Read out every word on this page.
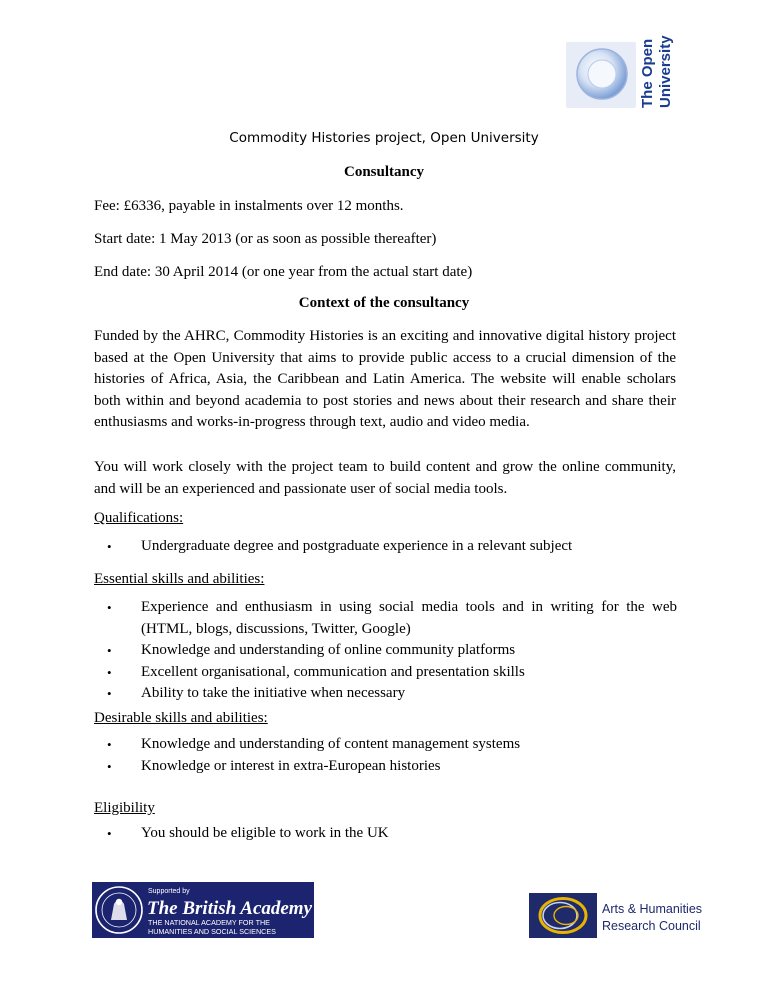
The Open University
Commodity Histories project, Open University
Consultancy

Fee: £6336, payable in instalments over 12 months.

Start date: 1 May 2013 (or as soon as possible thereafter)

End date: 30 April 2014 (or one year from the actual start date)

Context of the consultancy

Funded by the AHRC, Commodity Histories is an exciting and innovative digital history project based at the Open University that aims to provide public access to a crucial dimension of the histories of Africa, Asia, the Caribbean and Latin America. The website will enable scholars both within and beyond academia to post stories and news about their research and share their enthusiasms and works-in-progress through text, audio and video media.

You will work closely with the project team to build content and grow the online community, and will be an experienced and passionate user of social media tools.

Qualifications:

•	Undergraduate degree and postgraduate experience in a relevant subject

Essential skills and abilities:

•	Experience and enthusiasm in using social media tools and in writing for the web (HTML, blogs, discussions, Twitter, Google)
•	Knowledge and understanding of online community platforms
•	Excellent organisational, communication and presentation skills
•	Ability to take the initiative when necessary

Desirable skills and abilities:

•	Knowledge and understanding of content management systems
•	Knowledge or interest in extra-European histories

Eligibility

•	You should be eligible to work in the UK
Supported by
The British Academy
THE NATIONAL ACADEMY FOR THE
HUMANITIES AND SOCIAL SCIENCES
Arts & Humanities
Research Council
